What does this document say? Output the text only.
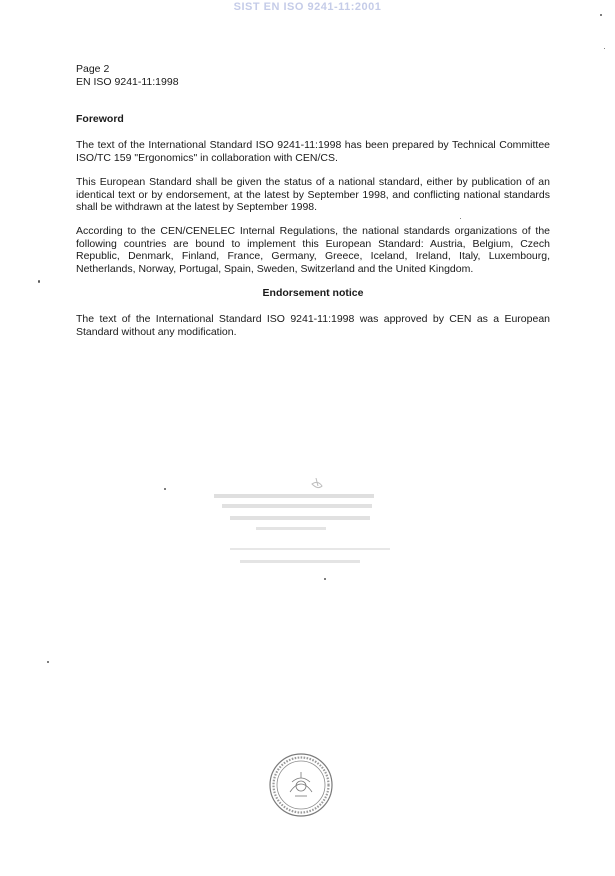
SIST EN ISO 9241-11:2001
Page 2
EN ISO 9241-11:1998
Foreword

The text of the International Standard ISO 9241-11:1998 has been prepared by Technical Committee ISO/TC 159 "Ergonomics" in collaboration with CEN/CS.

This European Standard shall be given the status of a national standard, either by publication of an identical text or by endorsement, at the latest by September 1998, and conflicting national standards shall be withdrawn at the latest by September 1998.

According to the CEN/CENELEC Internal Regulations, the national standards organizations of the following countries are bound to implement this European Standard: Austria, Belgium, Czech Republic, Denmark, Finland, France, Germany, Greece, Iceland, Ireland, Italy, Luxembourg, Netherlands, Norway, Portugal, Spain, Sweden, Switzerland and the United Kingdom.

Endorsement notice

The text of the International Standard ISO 9241-11:1998 was approved by CEN as a European Standard without any modification.
